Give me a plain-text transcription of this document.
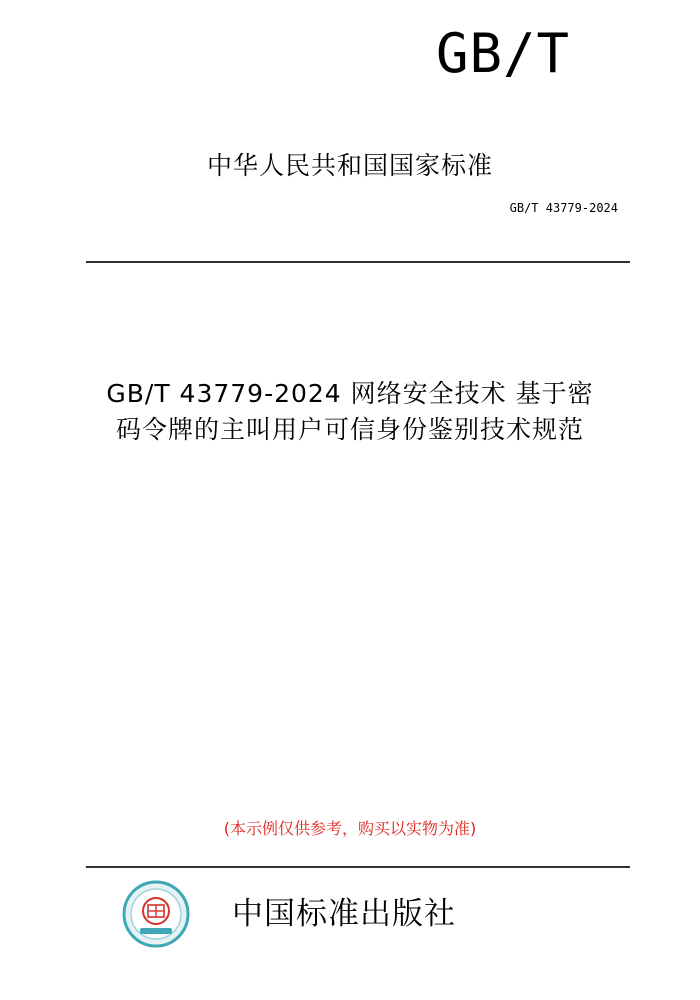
GB/T
中华人民共和国国家标准
GB/T 43779-2024
GB/T 43779-2024 网络安全技术 基于密
码令牌的主叫用户可信身份鉴别技术规范
(本示例仅供参考，购买以实物为准)
中国标准出版社
